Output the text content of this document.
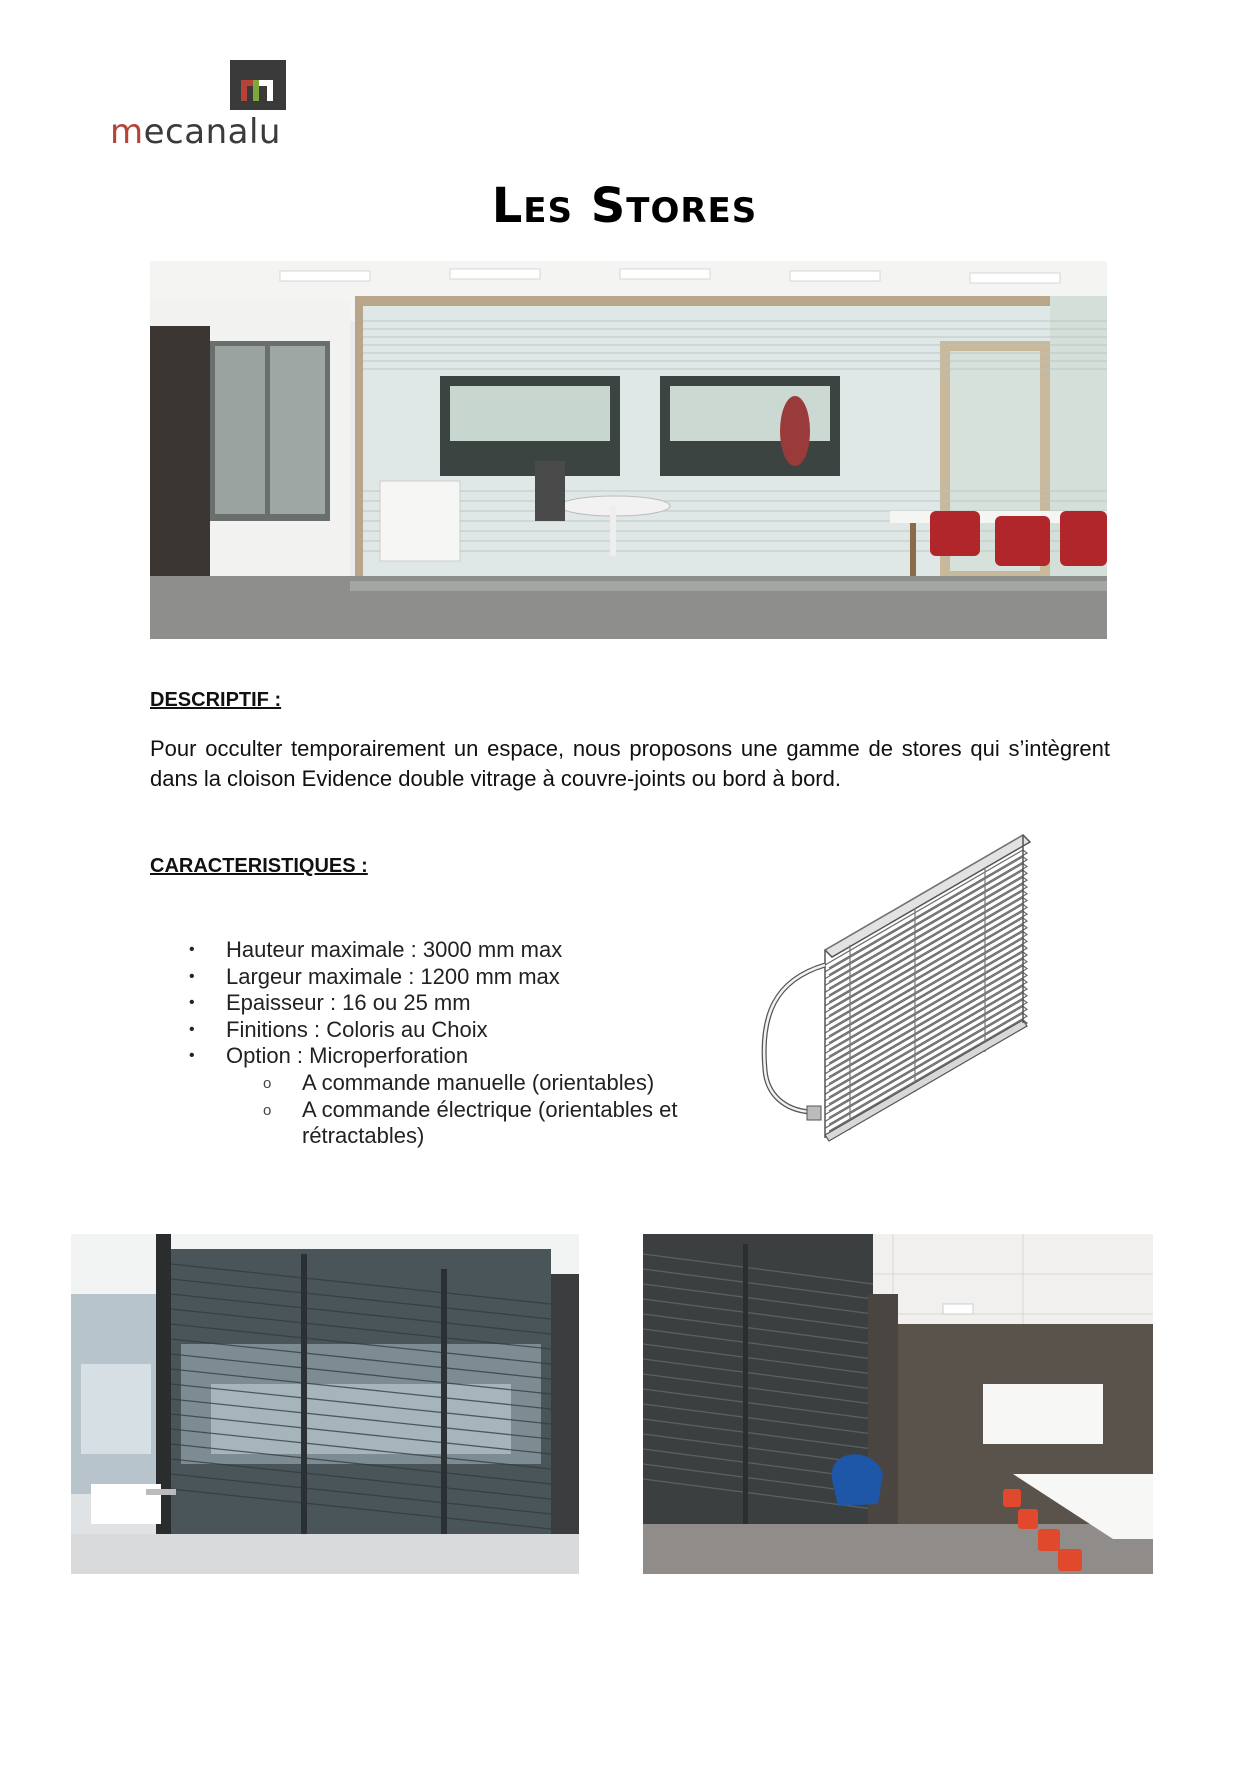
mecanalu
Les Stores
DESCRIPTIF :
Pour occulter temporairement un espace, nous proposons une gamme de stores qui s’intègrent dans la cloison Evidence double vitrage à couvre-joints ou bord à bord.
CARACTERISTIQUES :
• Hauteur maximale : 3000 mm max
• Largeur maximale : 1200 mm max
• Epaisseur : 16 ou 25 mm
• Finitions : Coloris au Choix
• Option : Microperforation
o A commande manuelle (orientables)
o A commande électrique (orientables et rétractables)
